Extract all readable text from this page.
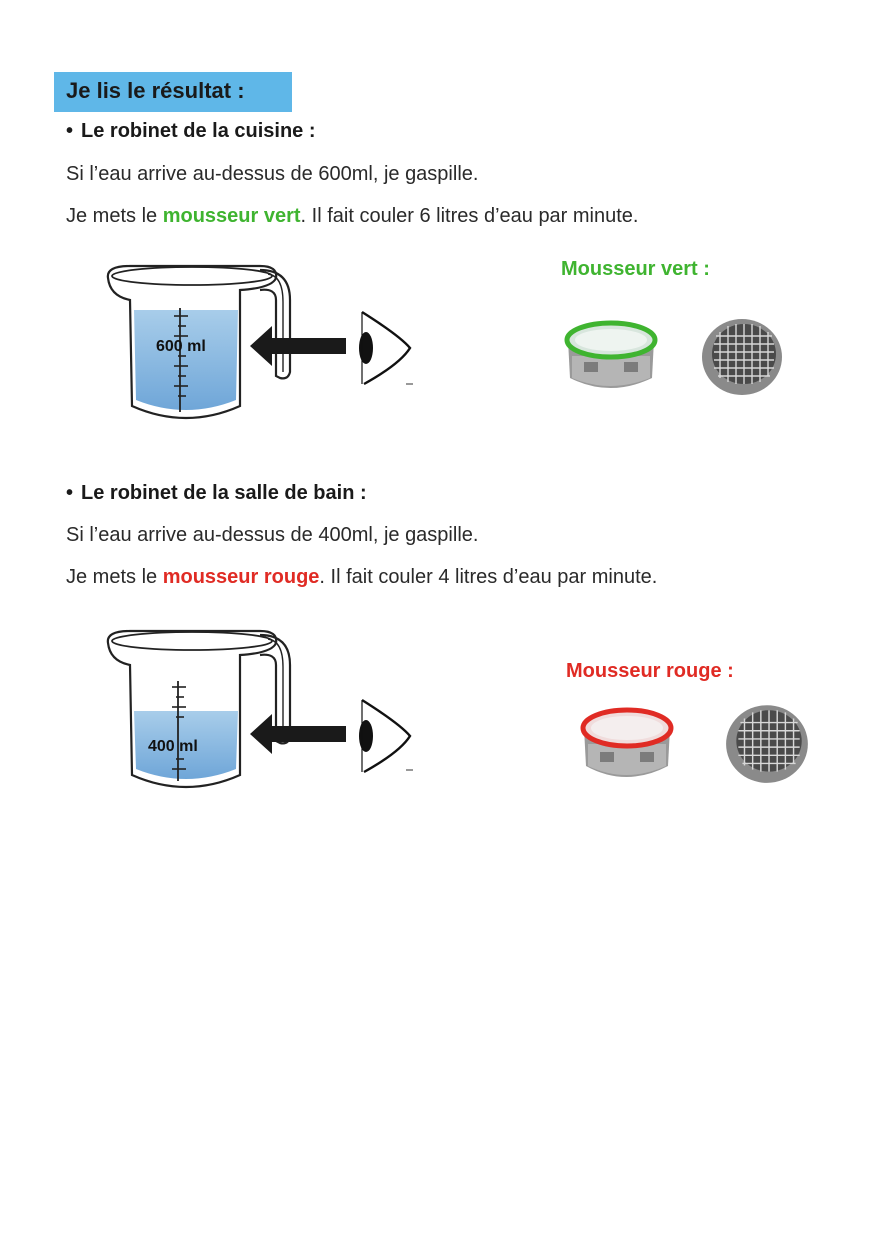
Je lis le résultat :
• Le robinet de la cuisine :
Si l’eau arrive au-dessus de 600ml, je gaspille.
Je mets le mousseur vert. Il fait couler 6 litres d’eau par minute.
600 ml
Mousseur vert :
• Le robinet de la salle de bain :
Si l’eau arrive au-dessus de 400ml, je gaspille.
Je mets le mousseur rouge. Il fait couler 4 litres d’eau par minute.
400 ml
Mousseur rouge :
